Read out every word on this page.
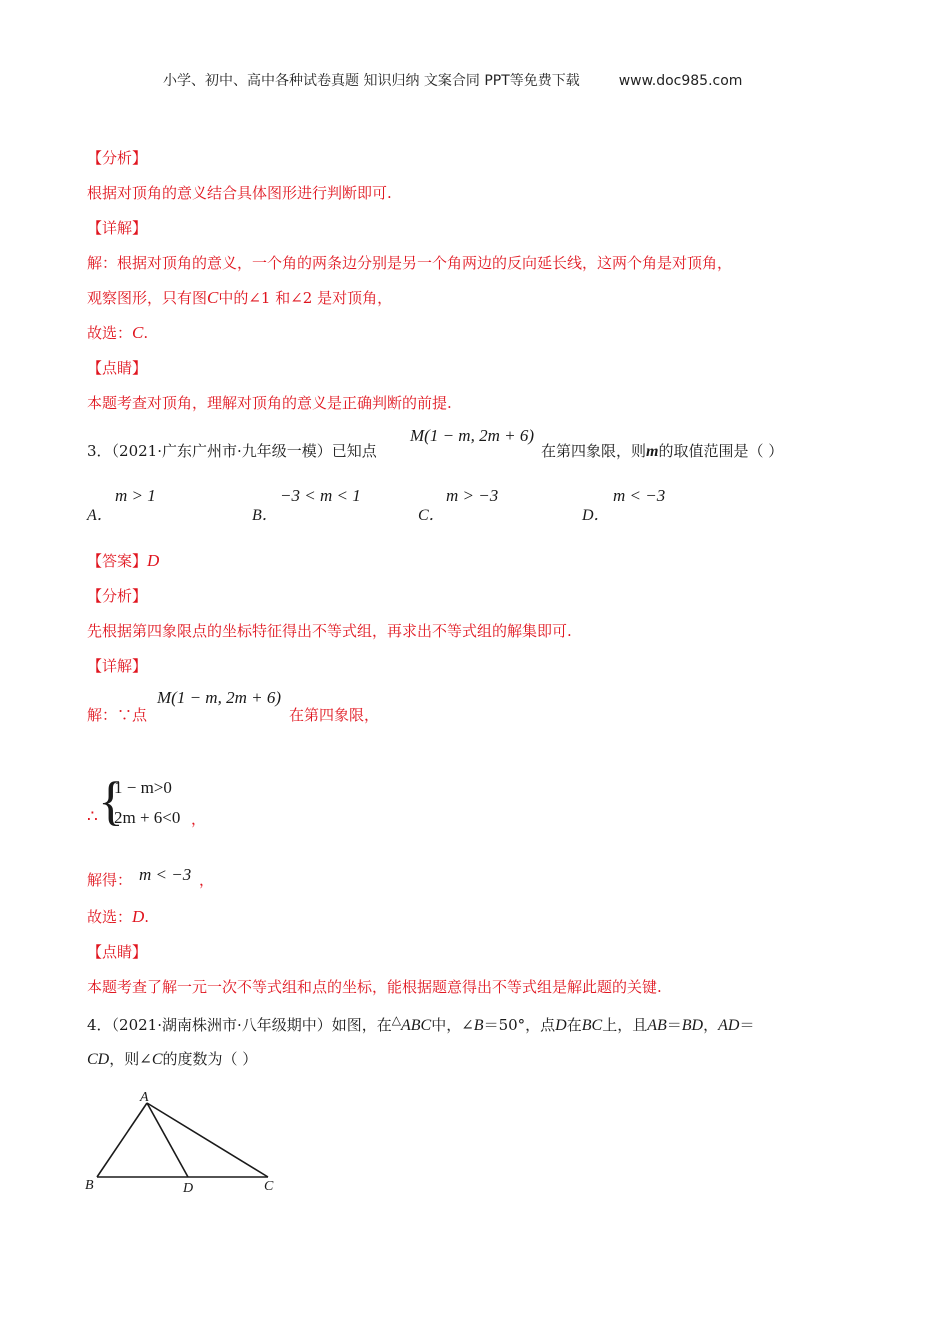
小学、初中、高中各种试卷真题 知识归纳 文案合同 PPT等免费下载	www.doc985.com
【分析】
根据对顶角的意义结合具体图形进行判断即可.
【详解】
解：根据对顶角的意义，一个角的两条边分别是另一个角两边的反向延长线，这两个角是对顶角，
观察图形，只有图C中的∠1 和∠2 是对顶角，
故选：C.
【点睛】
本题考查对顶角，理解对顶角的意义是正确判断的前提.
3．（2021·广东广州市·九年级一模）已知点
M(1 − m, 2m + 6)
在第四象限，则m的取值范围是（ ）
A．
m > 1
B．
−3 < m < 1
C．
m > −3
D．
m < −3
【答案】D
【分析】
先根据第四象限点的坐标特征得出不等式组，再求出不等式组的解集即可.
【详解】
解：∵点
M(1 − m, 2m + 6)
在第四象限，
∴ {
1 − m>0
2m + 6<0 ，
解得： m < −3 ，
故选：D.
【点睛】
本题考查了解一元一次不等式组和点的坐标，能根据题意得出不等式组是解此题的关键.
4．（2021·湖南株洲市·八年级期中）如图，在△ABC中，∠B＝50°，点D在BC上，且AB＝BD，AD＝
CD，则∠C的度数为（ ）
A
B	D	C
